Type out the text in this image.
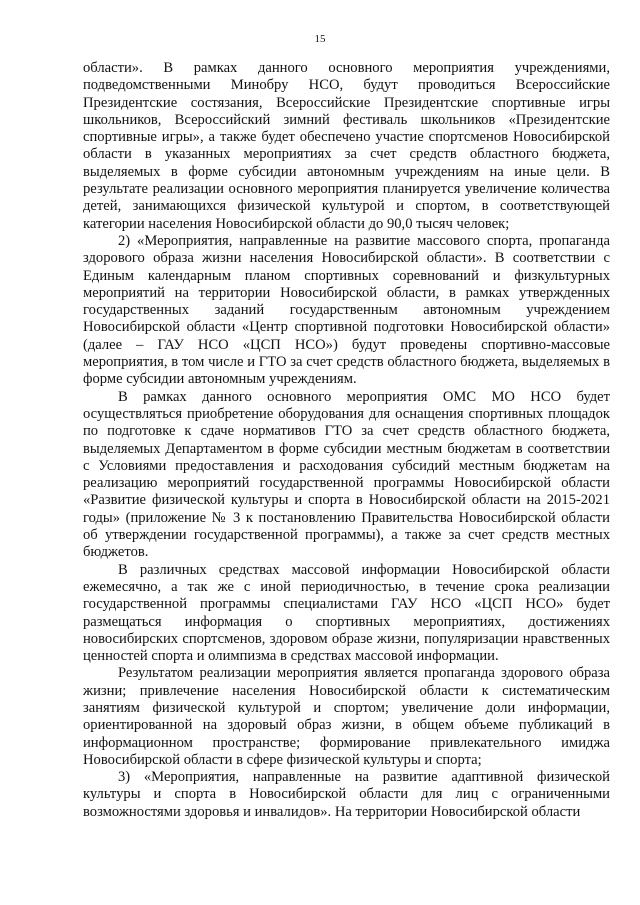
15

области». В рамках данного основного мероприятия учреждениями, подведомственными Минобру НСО, будут проводиться Всероссийские Президентские состязания, Всероссийские Президентские спортивные игры школьников, Всероссийский зимний фестиваль школьников «Президентские спортивные игры», а также будет обеспечено участие спортсменов Новосибирской области в указанных мероприятиях за счет средств областного бюджета, выделяемых в форме субсидии автономным учреждениям на иные цели. В результате реализации основного мероприятия планируется увеличение количества детей, занимающихся физической культурой и спортом, в соответствующей категории населения Новосибирской области до 90,0 тысяч человек;

2) «Мероприятия, направленные на развитие массового спорта, пропаганда здорового образа жизни населения Новосибирской области». В соответствии с Единым календарным планом спортивных соревнований и физкультурных мероприятий на территории Новосибирской области, в рамках утвержденных государственных заданий государственным автономным учреждением Новосибирской области «Центр спортивной подготовки Новосибирской области» (далее – ГАУ НСО «ЦСП НСО») будут проведены спортивно-массовые мероприятия, в том числе и ГТО за счет средств областного бюджета, выделяемых в форме субсидии автономным учреждениям.

В рамках данного основного мероприятия ОМС МО НСО будет осуществляться приобретение оборудования для оснащения спортивных площадок по подготовке к сдаче нормативов ГТО за счет средств областного бюджета, выделяемых Департаментом в форме субсидии местным бюджетам в соответствии с Условиями предоставления и расходования субсидий местным бюджетам на реализацию мероприятий государственной программы Новосибирской области «Развитие физической культуры и спорта в Новосибирской области на 2015-2021 годы» (приложение № 3 к постановлению Правительства Новосибирской области об утверждении государственной программы), а также за счет средств местных бюджетов.

В различных средствах массовой информации Новосибирской области ежемесячно, а так же с иной периодичностью, в течение срока реализации государственной программы специалистами ГАУ НСО «ЦСП НСО» будет размещаться информация о спортивных мероприятиях, достижениях новосибирских спортсменов, здоровом образе жизни, популяризации нравственных ценностей спорта и олимпизма в средствах массовой информации.

Результатом реализации мероприятия является пропаганда здорового образа жизни; привлечение населения Новосибирской области к систематическим занятиям физической культурой и спортом; увеличение доли информации, ориентированной на здоровый образ жизни, в общем объеме публикаций в информационном пространстве; формирование привлекательного имиджа Новосибирской области в сфере физической культуры и спорта;

3) «Мероприятия, направленные на развитие адаптивной физической культуры и спорта в Новосибирской области для лиц с ограниченными возможностями здоровья и инвалидов». На территории Новосибирской области
